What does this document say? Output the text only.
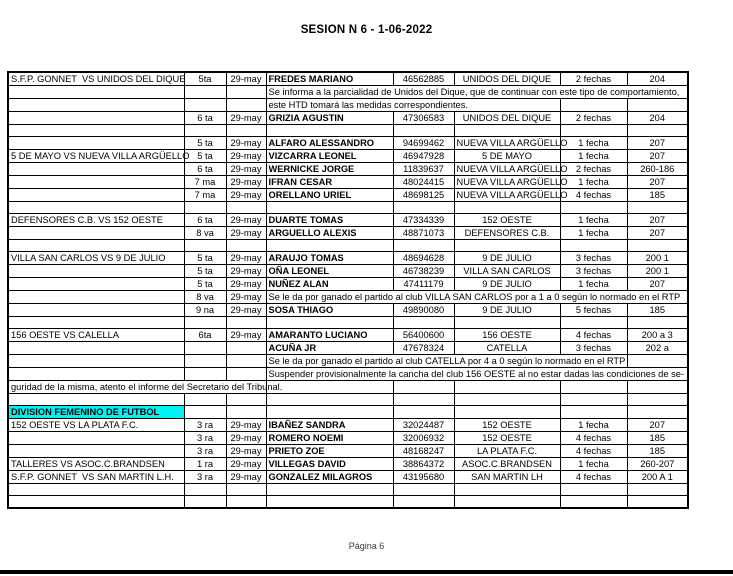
SESION N 6 - 1-06-2022
S.F.P. GONNET  VS UNIDOS DEL DIQUE	5ta	29-may	FREDES MARIANO	46562885	UNIDOS DEL DIQUE	2 fechas	204
			Se informa a la parcialidad de Unidos del Dique, que de continuar con este tipo de comportamiento,				
			este HTD tomará las medidas correspondientes.				
	6 ta	29-may	GRIZIA AGUSTIN	47306583	UNIDOS DEL DIQUE	2 fechas	204

	5 ta	29-may	ALFARO ALESSANDRO	94699462	NUEVA VILLA ARGÜELLO	1 fecha	207
5 DE MAYO VS NUEVA VILLA ARGÜELLO	5 ta	29-may	VIZCARRA LEONEL	46947928	5 DE MAYO	1 fecha	207
	6 ta	29-may	WERNICKE JORGE	11839637	NUEVA VILLA ARGÜELLO	2 fechas	260-186
	7 ma	29-may	IFRAN CESAR	48024415	NUEVA VILLA ARGÜELLO	1 fecha	207
	7 ma	29-may	ORELLANO URIEL	48698125	NUEVA VILLA ARGÜELLO	4 fechas	185

DEFENSORES C.B. VS 152 OESTE	6 ta	29-may	DUARTE TOMAS	47334339	152 OESTE	1 fecha	207
	8 va	29-may	ARGUELLO ALEXIS	48871073	DEFENSORES C.B.	1 fecha	207

VILLA SAN CARLOS VS 9 DE JULIO	5 ta	29-may	ARAUJO TOMAS	48694628	9 DE JULIO	3 fechas	200 1
	5 ta	29-may	OÑA LEONEL	46738239	VILLA SAN CARLOS	3 fechas	200 1
	5 ta	29-may	NUÑEZ ALAN	47411179	9 DE JULIO	1 fecha	207
	8 va	29-may	Se le da por ganado el partido al club VILLA SAN CARLOS por a 1 a 0 según lo normado en el RTP				
	9 na	29-may	SOSA THIAGO	49890080	9 DE JULIO	5 fechas	185

156 OESTE VS CALELLA	6ta	29-may	AMARANTO LUCIANO	56400600	156 OESTE	4 fechas	200 a 3
			ACUÑA JR	47678324	CATELLA	3 fechas	202 a
			Se le da por ganado el partido al club CATELLA por 4 a 0 según lo normado en el RTP				
			Suspender provisionalmente la cancha del club 156 OESTE al no estar dadas las condiciones de se-				
guridad de la misma, atento el informe del Secretario del Tribunal.							

DIVISION FEMENINO DE FUTBOL							
152 OESTE VS LA PLATA F.C.	3 ra	29-may	IBAÑEZ SANDRA	32024487	152 OESTE	1 fecha	207
	3 ra	29-may	ROMERO NOEMI	32006932	152 OESTE	4 fechas	185
	3 ra	29-may	PRIETO ZOE	48168247	LA PLATA F.C.	4 fechas	185
TALLERES VS ASOC.C.BRANDSEN	1 ra	29-may	VILLEGAS DAVID	38864372	ASOC.C.BRANDSEN	1 fecha	260-207
S.F.P. GONNET  VS SAN MARTIN L.H.	3 ra	29-may	GONZALEZ MILAGROS	43195680	SAN MARTIN LH	4 fechas	200 A 1

Página 6
